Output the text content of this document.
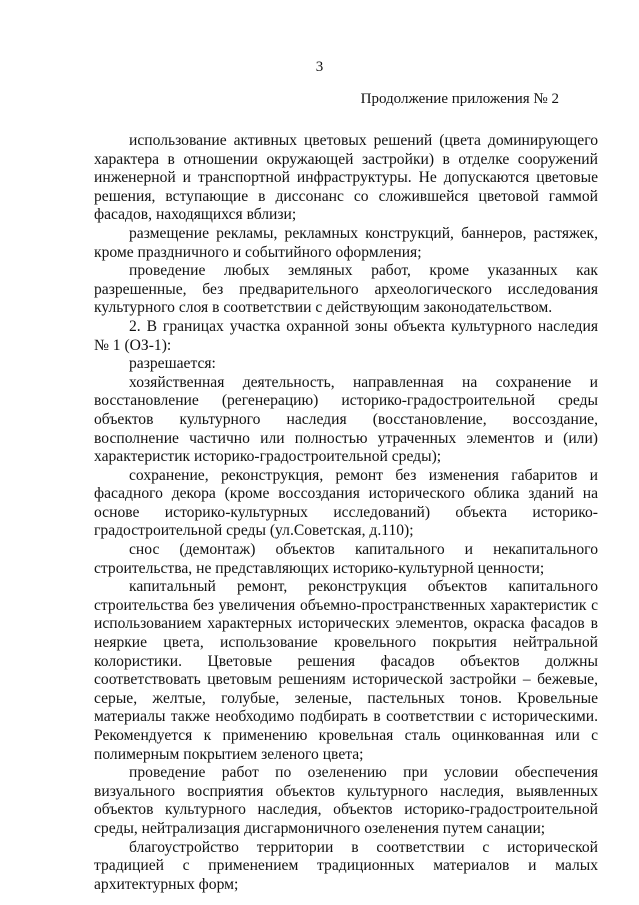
3
Продолжение приложения № 2

использование активных цветовых решений (цвета доминирующего характера в отношении окружающей застройки) в отделке сооружений инженерной и транспортной инфраструктуры. Не допускаются цветовые решения, вступающие в диссонанс со сложившейся цветовой гаммой фасадов, находящихся вблизи;

размещение рекламы, рекламных конструкций, баннеров, растяжек, кроме праздничного и событийного оформления;

проведение любых земляных работ, кроме указанных как разрешенные, без предварительного археологического исследования культурного слоя в соответствии с действующим законодательством.

2. В границах участка охранной зоны объекта культурного наследия № 1 (ОЗ-1):

разрешается:

хозяйственная деятельность, направленная на сохранение и восстановление (регенерацию) историко-градостроительной среды объектов культурного наследия (восстановление, воссоздание, восполнение частично или полностью утраченных элементов и (или) характеристик историко-градостроительной среды);

сохранение, реконструкция, ремонт без изменения габаритов и фасадного декора (кроме воссоздания исторического облика зданий на основе историко-культурных исследований) объекта историко-градостроительной среды (ул.Советская, д.110);

снос (демонтаж) объектов капитального и некапитального строительства, не представляющих историко-культурной ценности;

капитальный ремонт, реконструкция объектов капитального строительства без увеличения объемно-пространственных характеристик с использованием характерных исторических элементов, окраска фасадов в неяркие цвета, использование кровельного покрытия нейтральной колористики. Цветовые решения фасадов объектов должны соответствовать цветовым решениям исторической застройки – бежевые, серые, желтые, голубые, зеленые, пастельных тонов. Кровельные материалы также необходимо подбирать в соответствии с историческими. Рекомендуется к применению кровельная сталь оцинкованная или с полимерным покрытием зеленого цвета;

проведение работ по озеленению при условии обеспечения визуального восприятия объектов культурного наследия, выявленных объектов культурного наследия, объектов историко-градостроительной среды, нейтрализация дисгармоничного озеленения путем санации;

благоустройство территории в соответствии с исторической традицией с применением традиционных материалов и малых архитектурных форм;
